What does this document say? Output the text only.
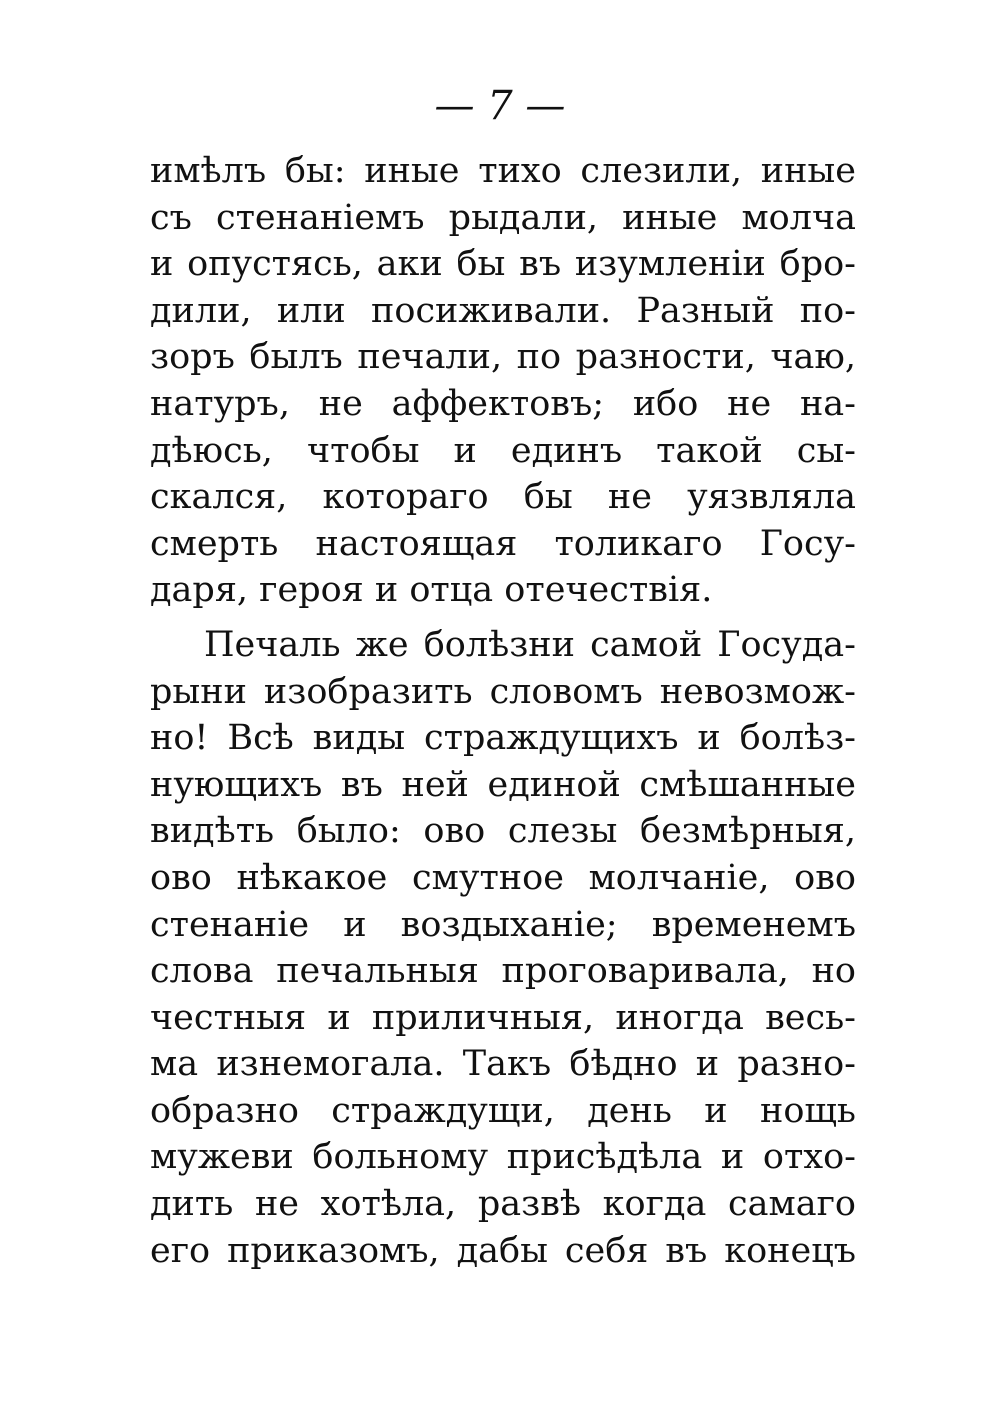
— 7 —
имѣлъ бы: иные тихо слезили, иные
съ стенаніемъ рыдали, иные молча
и опустясь, аки бы въ изумленіи бро-
дили, или посиживали. Разный по-
зоръ былъ печали, по разности, чаю,
натуръ, не аффектовъ; ибо не на-
дѣюсь, чтобы и единъ такой сы-
скался, котораго бы не уязвляла
смерть настоящая толикаго Госу-
даря, героя и отца отечествія.
Печаль же болѣзни самой Госуда-
рыни изобразить словомъ невозмож-
но! Всѣ виды страждущихъ и болѣз-
нующихъ въ ней единой смѣшанные
видѣть было: ово слезы безмѣрныя,
ово нѣкакое смутное молчаніе, ово
стенаніе и воздыханіе; временемъ
слова печальныя проговаривала, но
честныя и приличныя, иногда весь-
ма изнемогала. Такъ бѣдно и разно-
образно страждущи, день и нощь
мужеви больному присѣдѣла и отхо-
дить не хотѣла, развѣ когда самаго
его приказомъ, дабы себя въ конецъ
